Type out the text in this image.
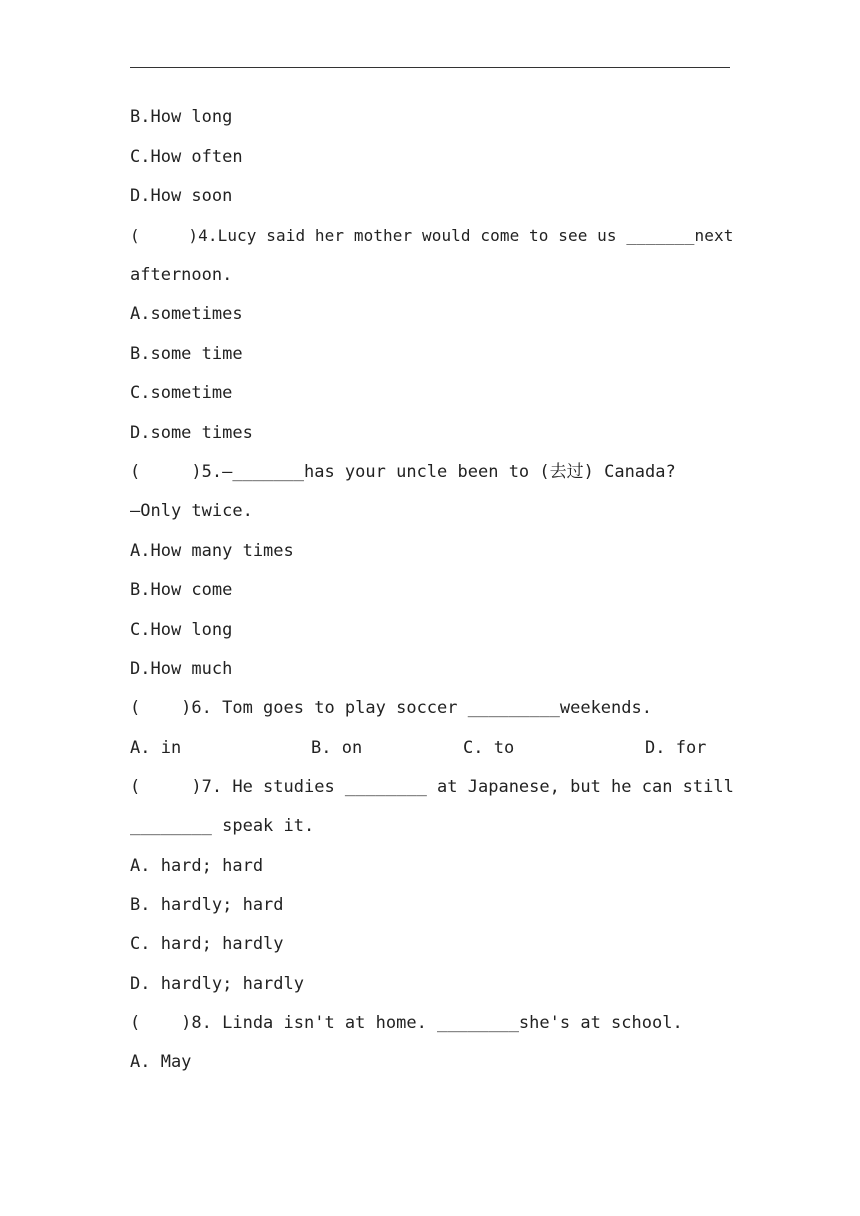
B.How long
C.How often
D.How soon
(     )4.Lucy said her mother would come to see us _______next
afternoon.
A.sometimes
B.some time
C.sometime
D.some times
(     )5.—_______has your uncle been to (去过) Canada?
—Only twice.
A.How many times
B.How come
C.How long
D.How much
(    )6. Tom goes to play soccer _________weekends.
A. in	B. on	C. to	D. for
(     )7. He studies ________ at Japanese, but he can still
________ speak it.
A. hard; hard
B. hardly; hard
C. hard; hardly
D. hardly; hardly
(    )8. Linda isn't at home. ________she's at school.
A. May
